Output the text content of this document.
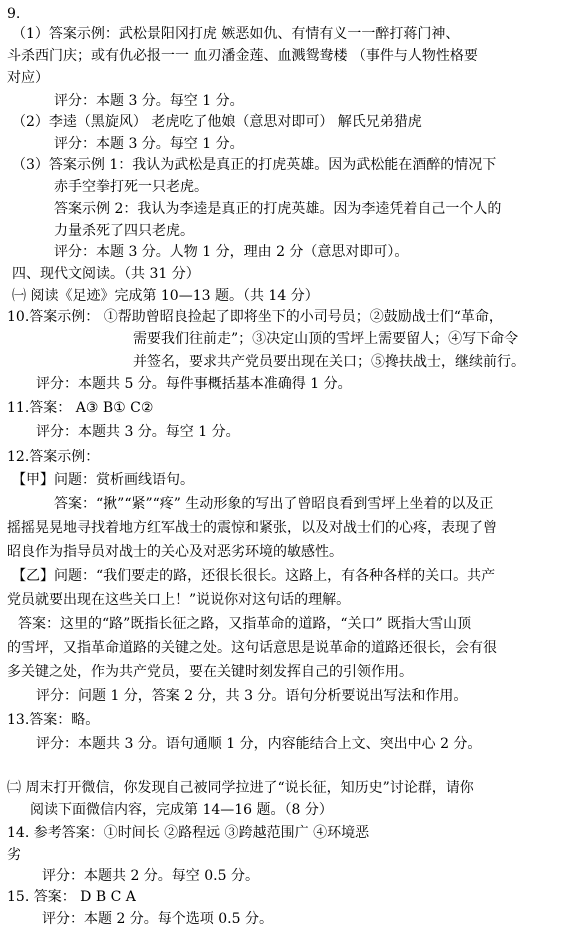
9.
（1）答案示例：武松景阳冈打虎 嫉恶如仇、有情有义一一醉打蒋门神、
斗杀西门庆；或有仇必报一一 血刃潘金莲、血溅鸳鸯楼 （事件与人物性格要
对应）
评分：本题 3 分。每空 1 分。
（2）李逵（黑旋风） 老虎吃了他娘（意思对即可） 解氏兄弟猎虎
评分：本题 3 分。每空 1 分。
（3）答案示例 1：我认为武松是真正的打虎英雄。因为武松能在酒醉的情况下
赤手空拳打死一只老虎。
答案示例 2：我认为李逵是真正的打虎英雄。因为李逵凭着自己一个人的
力量杀死了四只老虎。
评分：本题 3 分。人物 1 分，理由 2 分（意思对即可）。
四、现代文阅读。（共 31 分）
㈠ 阅读《足迹》完成第 10—13 题。（共 14 分）
10.答案示例： ①帮助曾昭良捡起了即将坐下的小司号员；②鼓励战士们“革命，
需要我们往前走”；③决定山顶的雪坪上需要留人；④写下命令
并签名，要求共产党员要出现在关口；⑤搀扶战士，继续前行。
评分：本题共 5 分。每件事概括基本准确得 1 分。
11.答案： A③ B① C②
评分：本题共 3 分。每空 1 分。
12.答案示例：
【甲】问题：赏析画线语句。
答案：“揪”“紧”“疼” 生动形象的写出了曾昭良看到雪坪上坐着的以及正
摇摇晃晃地寻找着地方红军战士的震惊和紧张，以及对战士们的心疼，表现了曾
昭良作为指导员对战士的关心及对恶劣环境的敏感性。
【乙】问题：“我们要走的路，还很长很长。这路上，有各种各样的关口。共产
党员就要出现在这些关口上！”说说你对这句话的理解。
答案：这里的“路”既指长征之路，又指革命的道路，“关口” 既指大雪山顶
的雪坪，又指革命道路的关键之处。这句话意思是说革命的道路还很长，会有很
多关键之处，作为共产党员，要在关键时刻发挥自己的引领作用。
评分：问题 1 分，答案 2 分，共 3 分。语句分析要说出写法和作用。
13.答案：略。
评分：本题共 3 分。语句通顺 1 分，内容能结合上文、突出中心 2 分。
㈡ 周末打开微信，你发现自己被同学拉进了“说长征，知历史”讨论群，请你
阅读下面微信内容，完成第 14—16 题。（8 分）
14. 参考答案：①时间长 ②路程远 ③跨越范围广 ④环境恶
劣
评分：本题共 2 分。每空 0.5 分。
15. 答案： D B C A
评分：本题 2 分。每个选项 0.5 分。
